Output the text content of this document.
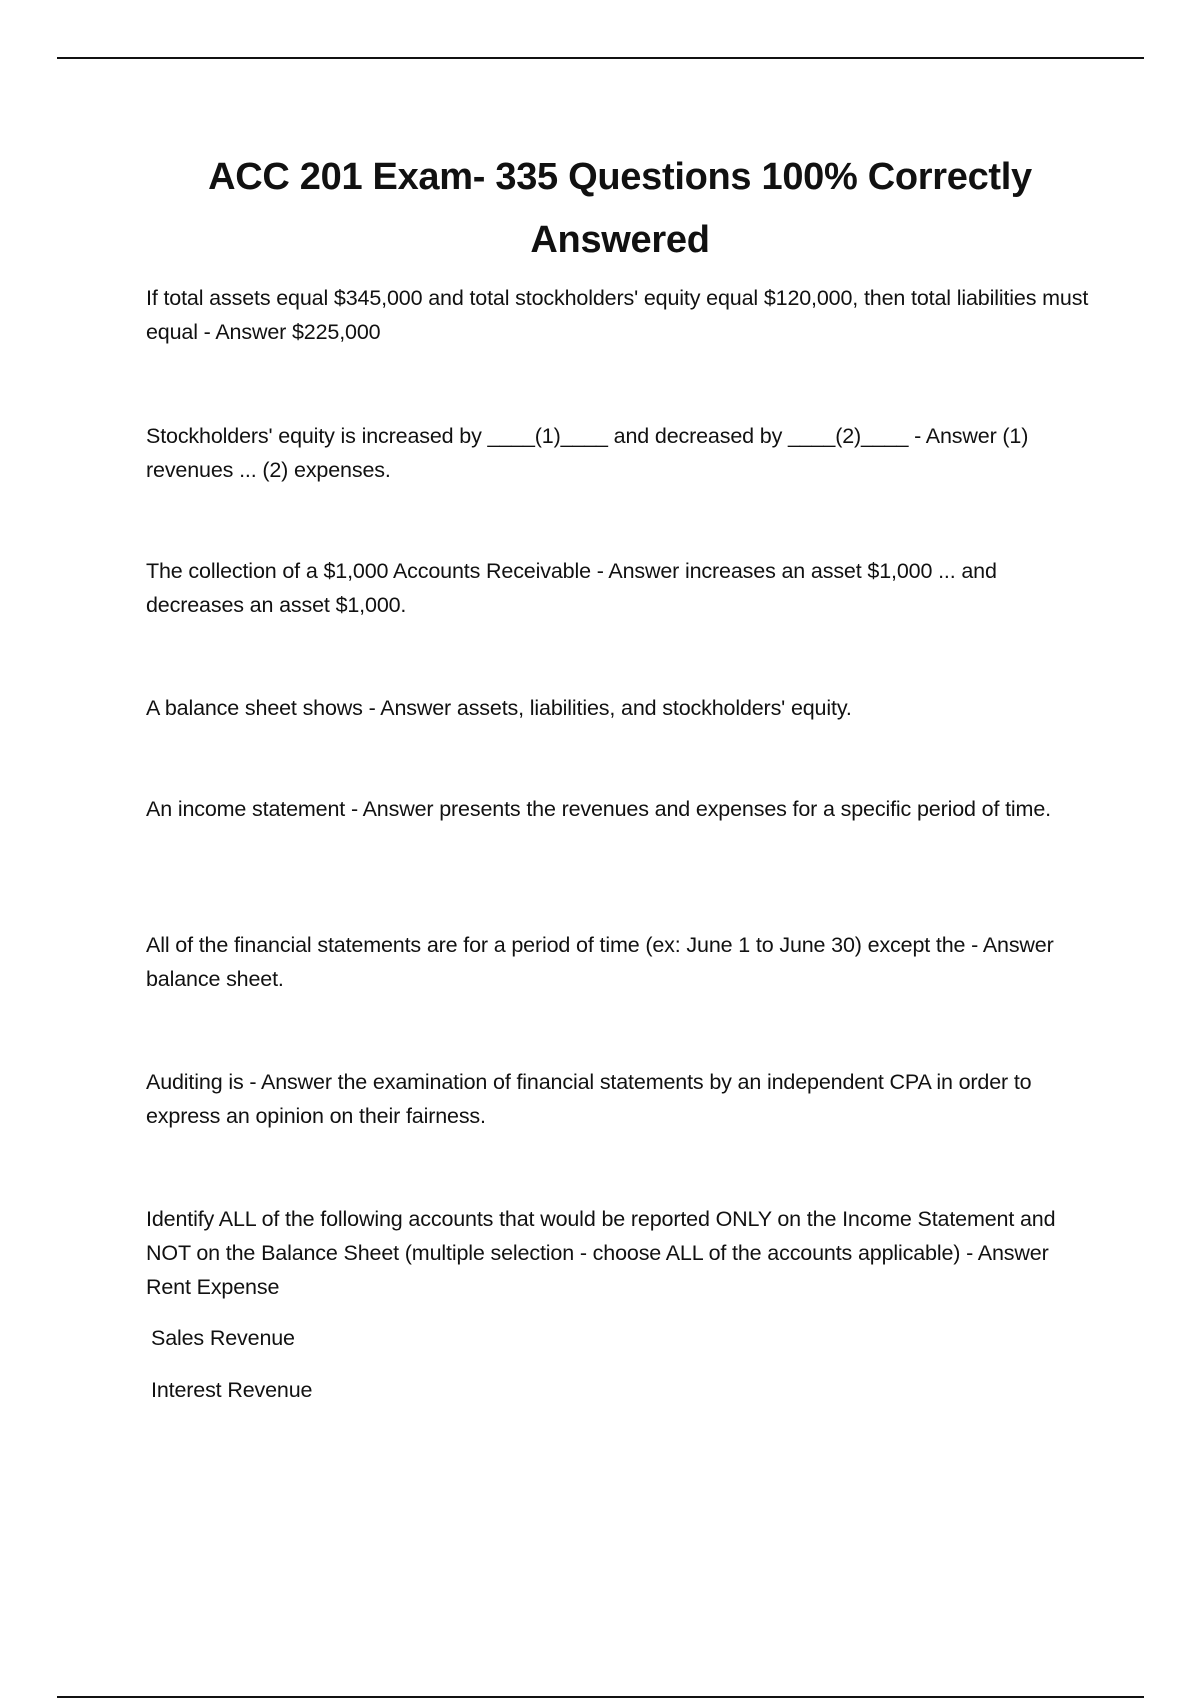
ACC 201 Exam- 335 Questions 100% Correctly Answered

If total assets equal $345,000 and total stockholders' equity equal $120,000, then total liabilities must equal - Answer $225,000

Stockholders' equity is increased by ____(1)____ and decreased by ____(2)____ - Answer (1) revenues ... (2) expenses.

The collection of a $1,000 Accounts Receivable - Answer increases an asset $1,000 ... and decreases an asset $1,000.

A balance sheet shows - Answer assets, liabilities, and stockholders' equity.

An income statement - Answer presents the revenues and expenses for a specific period of time.

All of the financial statements are for a period of time (ex: June 1 to June 30) except the - Answer balance sheet.

Auditing is - Answer the examination of financial statements by an independent CPA in order to express an opinion on their fairness.

Identify ALL of the following accounts that would be reported ONLY on the Income Statement and NOT on the Balance Sheet (multiple selection - choose ALL of the accounts applicable) - Answer Rent Expense

Sales Revenue

Interest Revenue
